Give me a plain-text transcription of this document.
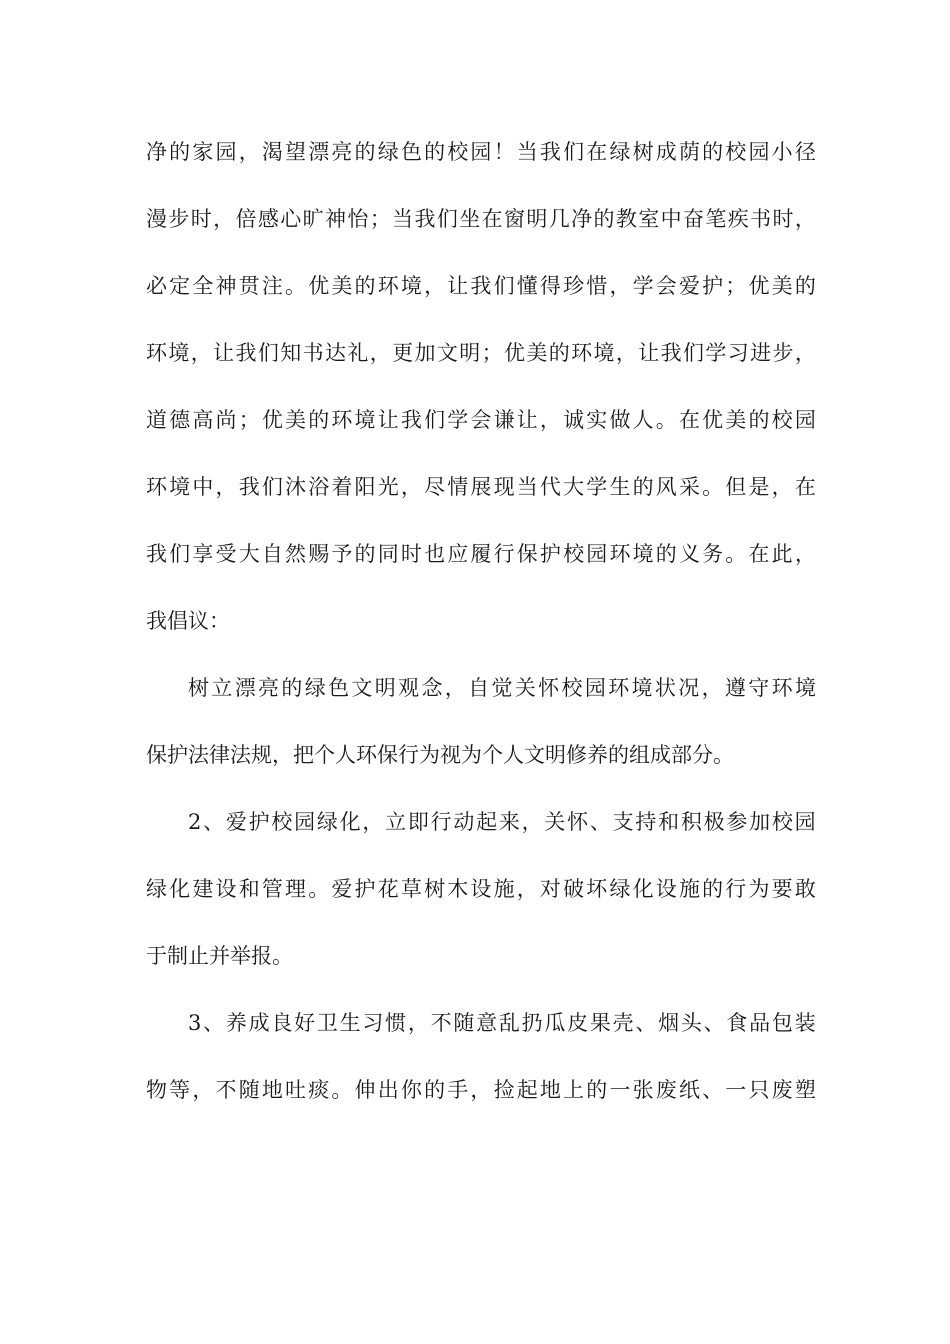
净 的 家 园 ， 渴 望 漂 亮 的 绿 色 的 校 园 ！ 当 我 们 在 绿 树 成 荫 的 校 园 小 径
漫 步 时 ， 倍 感 心 旷 神 怡 ； 当 我 们 坐 在 窗 明 几 净 的 教 室 中 奋 笔 疾 书 时 ，
必 定 全 神 贯 注 。 优 美 的 环 境 ， 让 我 们 懂 得 珍 惜 ， 学 会 爱 护 ； 优 美 的
环 境 ， 让 我 们 知 书 达 礼 ， 更 加 文 明 ； 优 美 的 环 境 ， 让 我 们 学 习 进 步 ，
道 德 高 尚 ； 优 美 的 环 境 让 我 们 学 会 谦 让 ， 诚 实 做 人 。 在 优 美 的 校 园
环 境 中 ， 我 们 沐 浴 着 阳 光 ， 尽 情 展 现 当 代 大 学 生 的 风 采 。 但 是 ， 在
我 们 享 受 大 自 然 赐 予 的 同 时 也 应 履 行 保 护 校 园 环 境 的 义 务 。 在 此 ，
我 倡 议 ：
树 立 漂 亮 的 绿 色 文 明 观 念 ， 自 觉 关 怀 校 园 环 境 状 况 ， 遵 守 环 境
保 护 法 律 法 规 ， 把 个 人 环 保 行 为 视 为 个 人 文 明 修 养 的 组 成 部 分 。
2 、 爱 护 校 园 绿 化 ， 立 即 行 动 起 来 ， 关 怀 、 支 持 和 积 极 参 加 校 园
绿 化 建 设 和 管 理 。 爱 护 花 草 树 木 设 施 ， 对 破 坏 绿 化 设 施 的 行 为 要 敢
于 制 止 并 举 报 。
3 、 养 成 良 好 卫 生 习 惯 ， 不 随 意 乱 扔 瓜 皮 果 壳 、 烟 头 、 食 品 包 装
物 等 ， 不 随 地 吐 痰 。 伸 出 你 的 手 ， 捡 起 地 上 的 一 张 废 纸 、 一 只 废 塑
